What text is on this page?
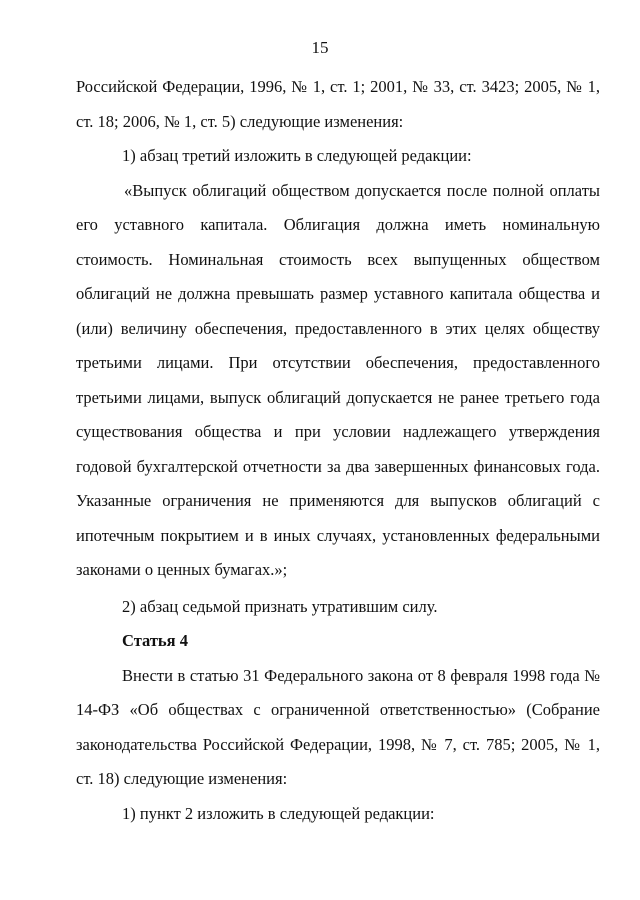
15

Российской Федерации, 1996, № 1, ст. 1; 2001, № 33, ст. 3423; 2005, № 1, ст. 18; 2006, № 1, ст. 5) следующие изменения:

1) абзац третий изложить в следующей редакции:

«Выпуск облигаций обществом допускается после полной оплаты его уставного капитала. Облигация должна иметь номинальную стоимость. Номинальная стоимость всех выпущенных обществом облигаций не должна превышать размер уставного капитала общества и (или) величину обеспечения, предоставленного в этих целях обществу третьими лицами. При отсутствии обеспечения, предоставленного третьими лицами, выпуск облигаций допускается не ранее третьего года существования общества и при условии надлежащего утверждения годовой бухгалтерской отчетности за два завершенных финансовых года. Указанные ограничения не применяются для выпусков облигаций с ипотечным покрытием и в иных случаях, установленных федеральными законами о ценных бумагах.»;

2) абзац седьмой признать утратившим силу.

Статья 4

Внести в статью 31 Федерального закона от 8 февраля 1998 года № 14-ФЗ «Об обществах с ограниченной ответственностью» (Собрание законодательства Российской Федерации, 1998, № 7, ст. 785; 2005, № 1, ст. 18) следующие изменения:

1) пункт 2 изложить в следующей редакции:
